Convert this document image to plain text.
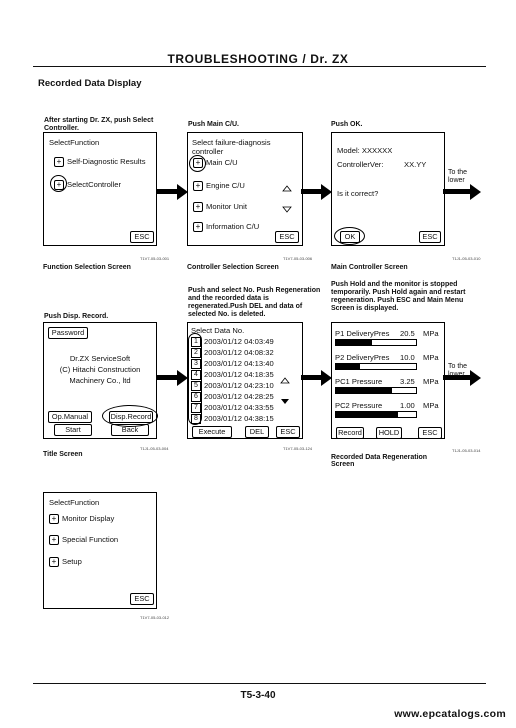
TROUBLESHOOTING / Dr. ZX
Recorded Data Display
After starting Dr. ZX, push Select Controller.
Push Main C/U.	Push OK.
SelectFunction
+ Self-Diagnostic Results
+ SelectController
ESC
T1V7-05-03-001
Function Selection Screen
Select failure-diagnosis controller
+ Main C/U
+ Engine C/U
+ Monitor Unit
+ Information C/U
ESC
T1V7-05-03-006
Controller Selection Screen
Model: XXXXXX
ControllerVer:	XX.YY
Is it correct?
OK	ESC
To the lower
T1J1-05-03-010
Main Controller Screen
Push Disp. Record.
Push and select No. Push Regeneration and the recorded data is regenerated.Push DEL and data of selected No. is deleted.
Push Hold and the monitor is stopped temporarily. Push Hold again and restart regeneration. Push ESC and Main Menu Screen is displayed.
Password
Dr.ZX ServiceSoft
(C) Hitachi Construction
Machinery Co., ltd
Op.Manual	Disp.Record
Start	Back
T1J1-05-03-004
Title Screen
Select Data No.
1 2003/01/12 04:03:49
2 2003/01/12 04:08:32
3 2003/01/12 04:13:40
4 2003/01/12 04:18:35
5 2003/01/12 04:23:10
6 2003/01/12 04:28:25
7 2003/01/12 04:33:55
8 2003/01/12 04:38:15
Execute	DEL	ESC
T1V7-05-03-124
P1 DeliveryPres 20.5 MPa
P2 DeliveryPres 10.0 MPa
PC1 Pressure 3.25 MPa
PC2 Pressure 1.00 MPa
Record	HOLD	ESC
To the lower
T1J1-05-03-014
Recorded Data Regeneration Screen
SelectFunction
+ Monitor Display
+ Special Function
+ Setup
ESC
T1V7-05-03-012
T5-3-40
www.epcatalogs.com
